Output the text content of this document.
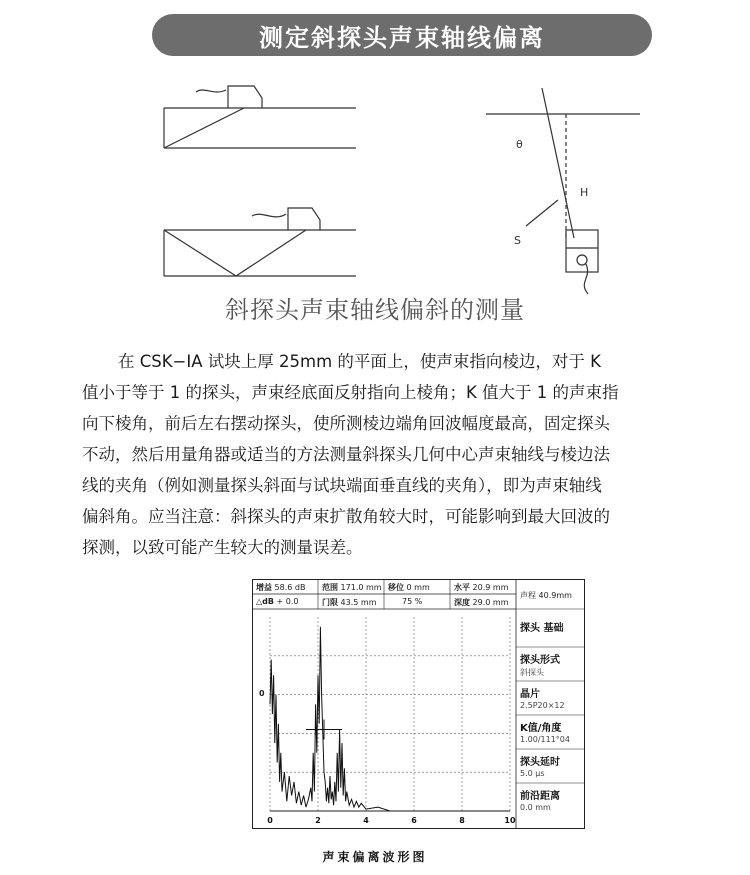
测定斜探头声束轴线偏离
θ
H
S
斜探头声束轴线偏斜的测量
在 CSK−IA 试块上厚 25mm 的平面上，使声束指向棱边，对于 K
值小于等于 1 的探头，声束经底面反射指向上棱角；K 值大于 1 的声束指
向下棱角，前后左右摆动探头，使所测棱边端角回波幅度最高，固定探头
不动，然后用量角器或适当的方法测量斜探头几何中心声束轴线与棱边法
线的夹角（例如测量探头斜面与试块端面垂直线的夹角），即为声束轴线
偏斜角。应当注意：斜探头的声束扩散角较大时，可能影响到最大回波的
探测，以致可能产生较大的测量误差。
增益 58.6 dB 范围 171.0 mm 移位 0 mm	水平 20.9 mm
△dB + 0.0	门限 43.5 mm	75 %	深度 29.0 mm
声程 40.9mm
0	2	4	6	8	10
0
探头 基础
探头形式
斜探头
晶片
2.5P20×12
K值/角度
1.00/111°04
探头延时
5.0 μs
前沿距离
0.0 mm
声束偏离波形图
